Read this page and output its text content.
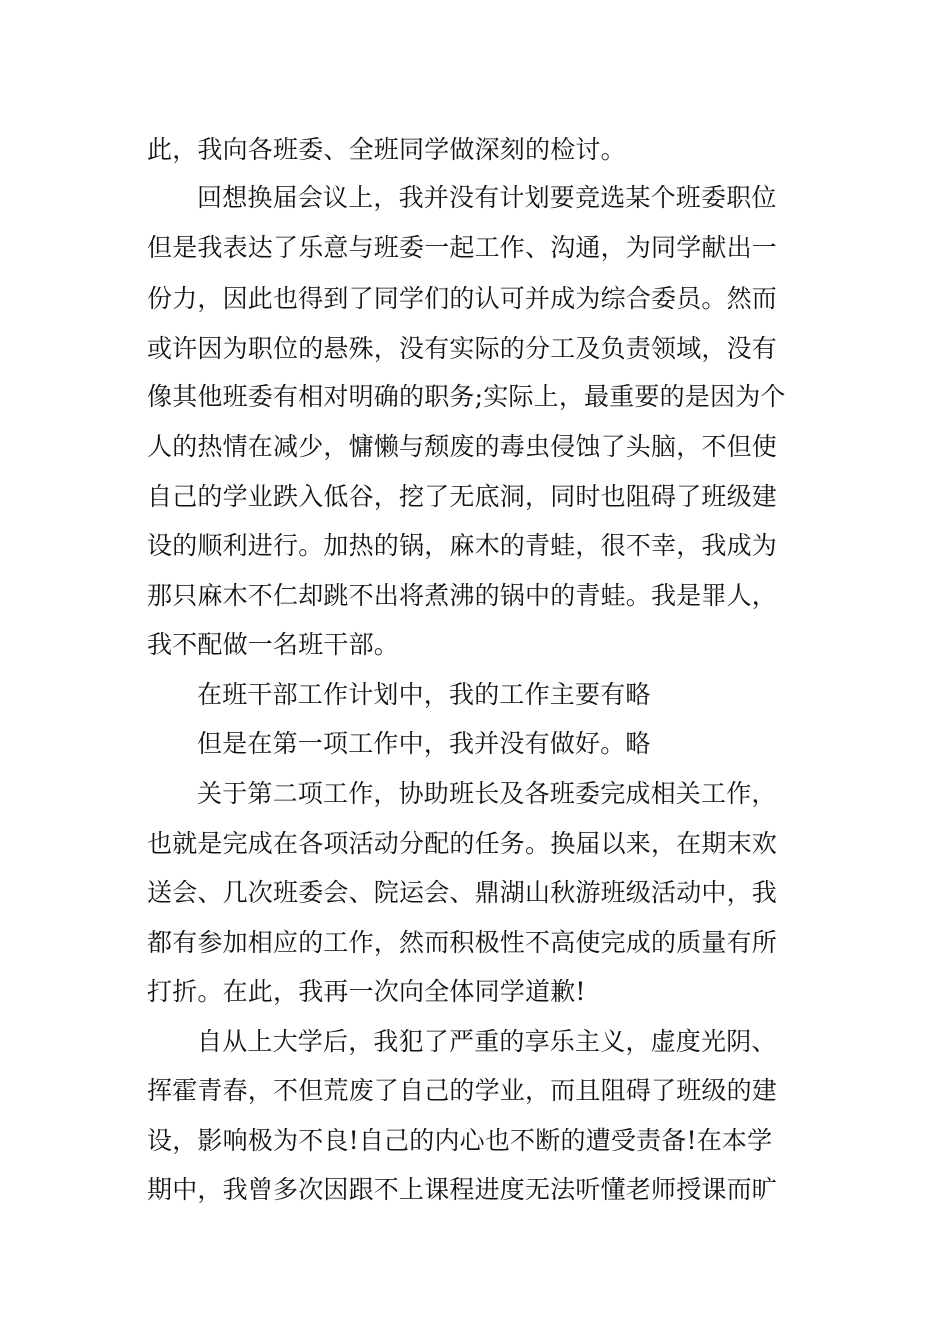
此，我向各班委、全班同学做深刻的检讨。
回想换届会议上，我并没有计划要竞选某个班委职位
但是我表达了乐意与班委一起工作、沟通，为同学献出一
份力，因此也得到了同学们的认可并成为综合委员。然而
或许因为职位的悬殊，没有实际的分工及负责领域，没有
像其他班委有相对明确的职务;实际上，最重要的是因为个
人的热情在减少，慵懒与颓废的毒虫侵蚀了头脑，不但使
自己的学业跌入低谷，挖了无底洞，同时也阻碍了班级建
设的顺利进行。加热的锅，麻木的青蛙，很不幸，我成为
那只麻木不仁却跳不出将煮沸的锅中的青蛙。我是罪人，
我不配做一名班干部。
在班干部工作计划中，我的工作主要有略
但是在第一项工作中，我并没有做好。略
关于第二项工作，协助班长及各班委完成相关工作，
也就是完成在各项活动分配的任务。换届以来，在期末欢
送会、几次班委会、院运会、鼎湖山秋游班级活动中，我
都有参加相应的工作，然而积极性不高使完成的质量有所
打折。在此，我再一次向全体同学道歉!
自从上大学后，我犯了严重的享乐主义，虚度光阴、
挥霍青春，不但荒废了自己的学业，而且阻碍了班级的建
设，影响极为不良!自己的内心也不断的遭受责备!在本学
期中，我曾多次因跟不上课程进度无法听懂老师授课而旷
